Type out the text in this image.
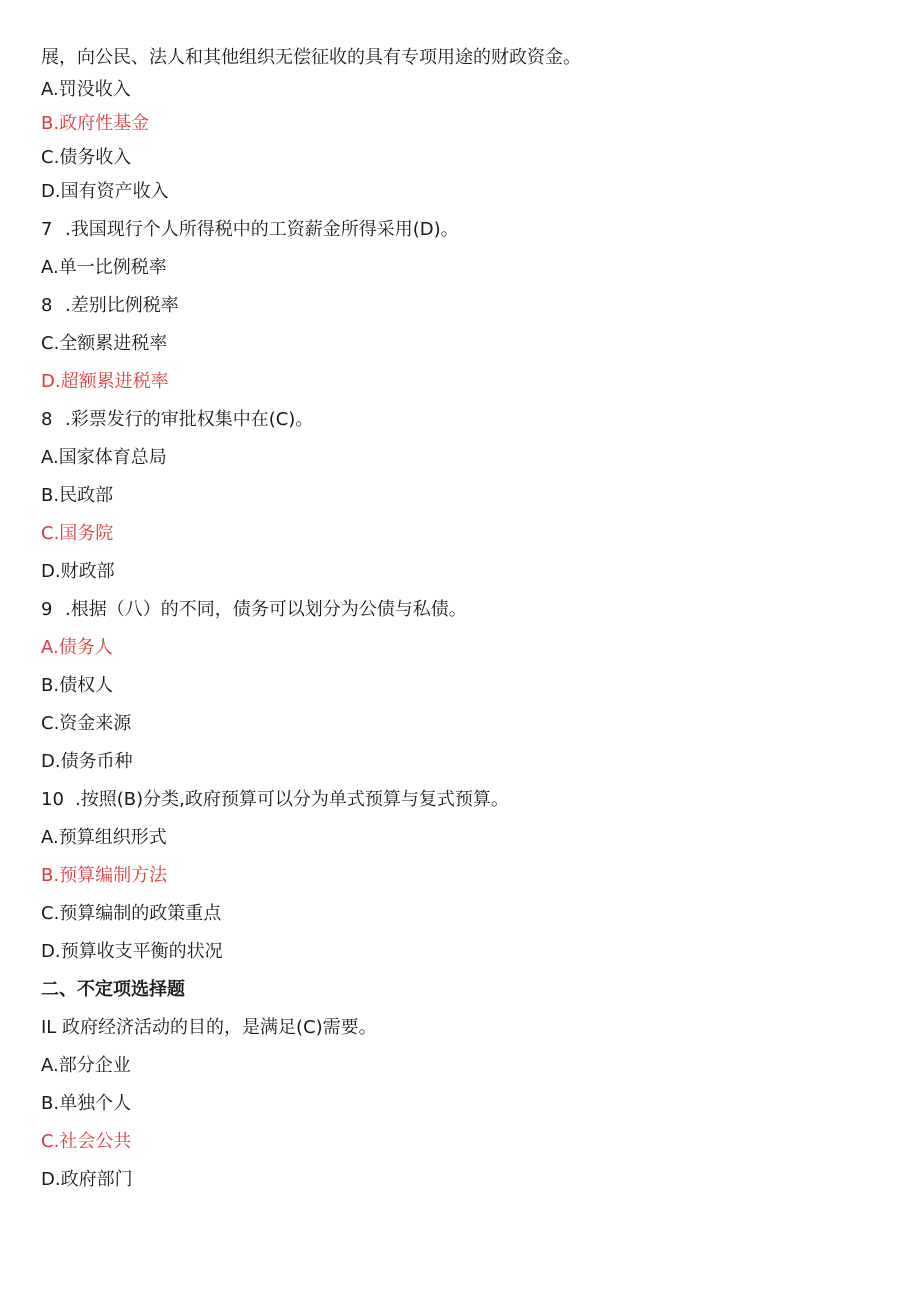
展，向公民、法人和其他组织无偿征收的具有专项用途的财政资金。
A.罚没收入
B.政府性基金
C.债务收入
D.国有资产收入
7 .我国现行个人所得税中的工资薪金所得采用(D)。
A.单一比例税率
8 .差别比例税率
C.全额累进税率
D.超额累进税率
8 .彩票发行的审批权集中在(C)。
A.国家体育总局
B.民政部
C.国务院
D.财政部
9 .根据（八）的不同，债务可以划分为公债与私债。
A.债务人
B.债权人
C.资金来源
D.债务币种
10 .按照(B)分类,政府预算可以分为单式预算与复式预算。
A.预算组织形式
B.预算编制方法
C.预算编制的政策重点
D.预算收支平衡的状况
二、不定项选择题
IL 政府经济活动的目的，是满足(C)需要。
A.部分企业
B.单独个人
C.社会公共
D.政府部门
